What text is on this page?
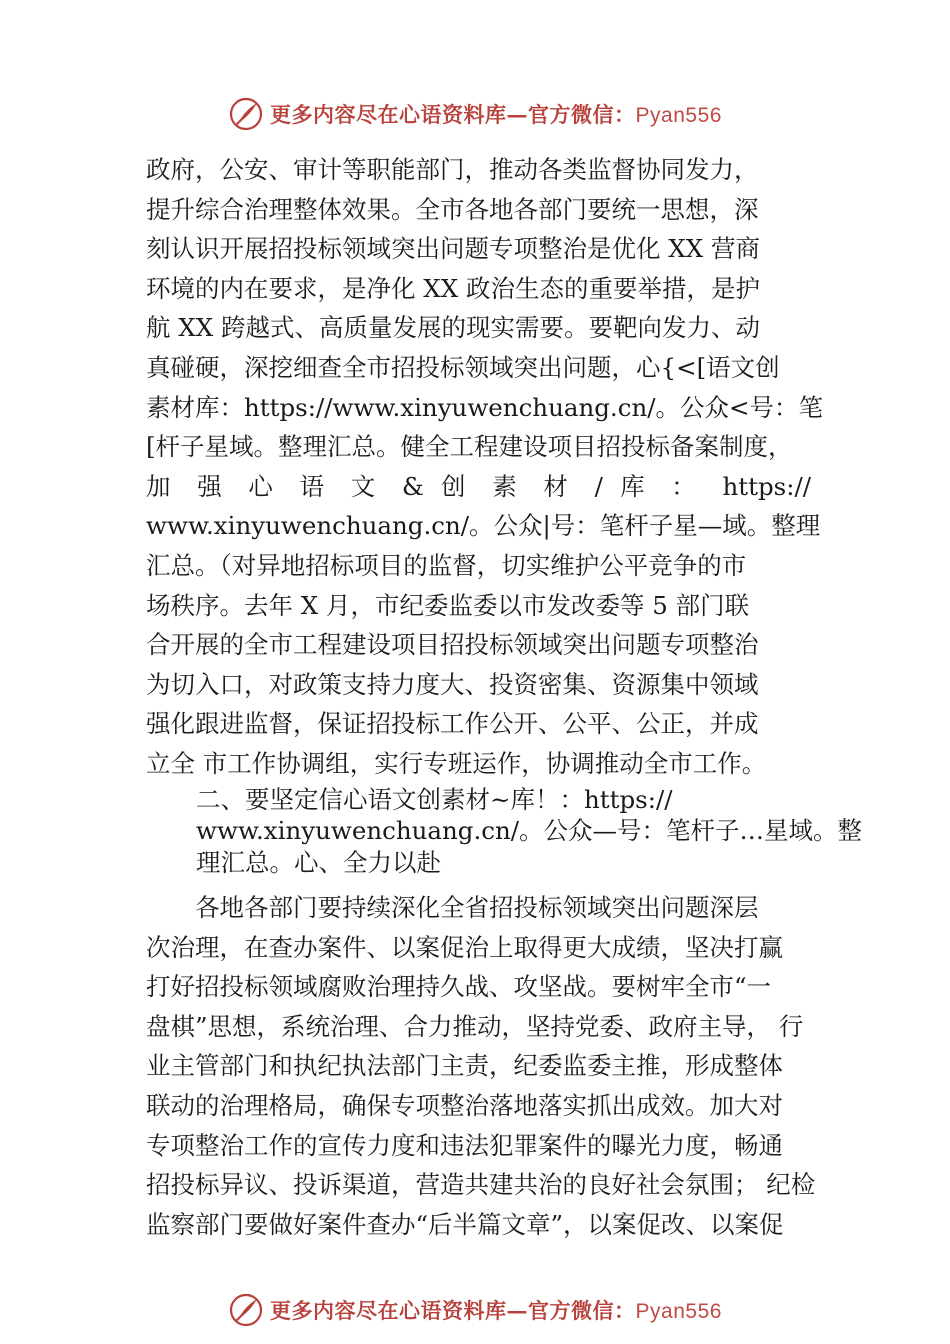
更多内容尽在心语资料库—官方微信：Pyan556
政府，公安、审计等职能部门，推动各类监督协同发力，
提升综合治理整体效果。全市各地各部门要统一思想，深
刻认识开展招投标领域突出问题专项整治是优化 XX 营商
环境的内在要求，是净化 XX 政治生态的重要举措，是护
航 XX 跨越式、高质量发展的现实需要。要靶向发力、动
真碰硬，深挖细查全市招投标领域突出问题，心{<[语文创
素材库：https://www.xinyuwenchuang.cn/。公众<号：笔
[杆子星域。整理汇总。健全工程建设项目招投标备案制度，
加 强 心 语 文 & 创 素 材 / 库 ： https://
www.xinyuwenchuang.cn/。公众|号：笔杆子星—域。整理
汇总。（对异地招标项目的监督，切实维护公平竞争的市
场秩序。去年 X 月，市纪委监委以市发改委等 5 部门联
合开展的全市工程建设项目招投标领域突出问题专项整治
为切入口，对政策支持力度大、投资密集、资源集中领域
强化跟进监督，保证招投标工作公开、公平、公正，并成
立全 市工作协调组，实行专班运作，协调推动全市工作。
二、要坚定信心语文创素材~库！：https://
www.xinyuwenchuang.cn/。公众—号：笔杆子…星域。整
理汇总。心、全力以赴
　　各地各部门要持续深化全省招投标领域突出问题深层
次治理，在查办案件、以案促治上取得更大成绩，坚决打赢
打好招投标领域腐败治理持久战、攻坚战。要树牢全市“一
盘棋”思想，系统治理、合力推动，坚持党委、政府主导， 行
业主管部门和执纪执法部门主责，纪委监委主推，形成整体
联动的治理格局，确保专项整治落地落实抓出成效。加大对
专项整治工作的宣传力度和违法犯罪案件的曝光力度，畅通
招投标异议、投诉渠道，营造共建共治的良好社会氛围； 纪检
监察部门要做好案件查办“后半篇文章”，以案促改、以案促
更多内容尽在心语资料库—官方微信：Pyan556
